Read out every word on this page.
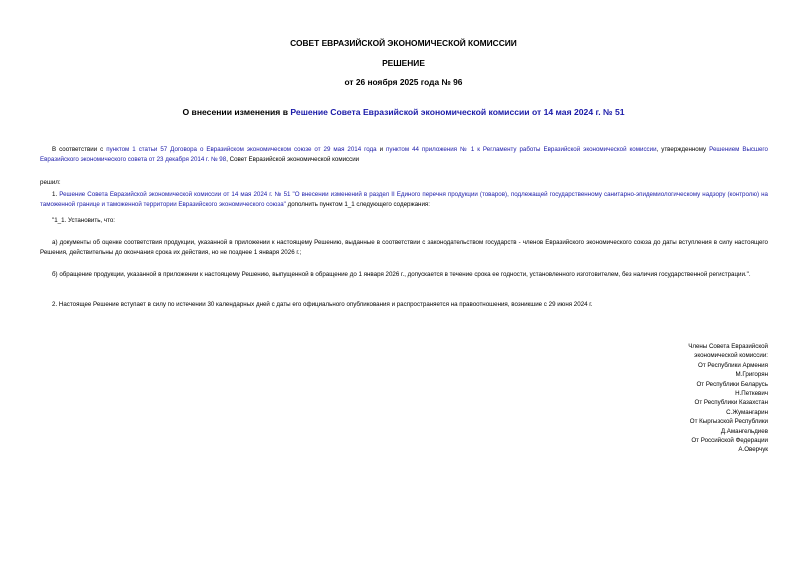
СОВЕТ ЕВРАЗИЙСКОЙ ЭКОНОМИЧЕСКОЙ КОМИССИИ
РЕШЕНИЕ
от 26 ноября 2025 года № 96
О внесении изменения в Решение Совета Евразийской экономической комиссии от 14 мая 2024 г. № 51
В соответствии с пунктом 1 статьи 57 Договора о Евразийском экономическом союзе от 29 мая 2014 года и пунктом 44 приложения № 1 к Регламенту работы Евразийской экономической комиссии, утвержденному Решением Высшего Евразийского экономического совета от 23 декабря 2014 г. № 98, Совет Евразийской экономической комиссии
решил:
1. Решение Совета Евразийской экономической комиссии от 14 мая 2024 г. № 51 "О внесении изменений в раздел II Единого перечня продукции (товаров), подлежащей государственному санитарно-эпидемиологическому надзору (контролю) на таможенной границе и таможенной территории Евразийского экономического союза" дополнить пунктом 1_1 следующего содержания:
"1_1. Установить, что:
а) документы об оценке соответствия продукции, указанной в приложении к настоящему Решению, выданные в соответствии с законодательством государств - членов Евразийского экономического союза до даты вступления в силу настоящего Решения, действительны до окончания срока их действия, но не позднее 1 января 2026 г.;
б) обращение продукции, указанной в приложении к настоящему Решению, выпущенной в обращение до 1 января 2026 г., допускается в течение срока ее годности, установленного изготовителем, без наличия государственной регистрации.".
2. Настоящее Решение вступает в силу по истечении 30 календарных дней с даты его официального опубликования и распространяется на правоотношения, возникшие с 29 июня 2024 г.
Члены Совета Евразийской
экономической комиссии:
От Республики Армения
М.Григорян
От Республики Беларусь
Н.Петкевич
От Республики Казахстан
С.Жумангарин
От Кыргызской Республики
Д.Амангельдиев
От Российской Федерации
А.Оверчук
